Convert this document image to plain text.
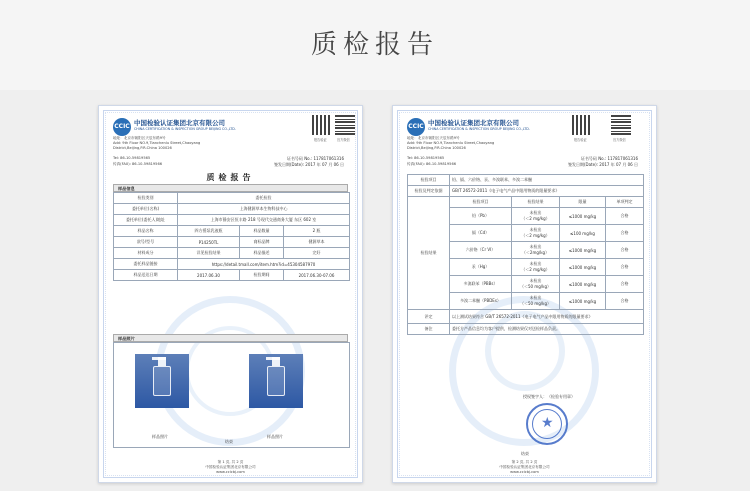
质检报告
CCIC 中国检验认证集团北京有限公司
CHINA CERTIFICATION & INSPECTION GROUP BEIJING CO.,LTD.
报告验证	官方微信
地址：北京市朝阳区天辰东路9号
Add: 9th Floor NO.9,Tianchenlu Street,Chaoyang
District,Beijing,P.R.China 100026
Tel: 86-10-59819565
传真(FAX): 86-10-59819566
证书号码 No.: 117817061316
签发日期(Date): 2017 年 07 月 06 日
质检报告
样品信息
检验类别	委托检验		
委托单位(名称)	上海健源草本生物科技中心		
委托单位(委托人)地址	上海市静安区恒丰路 218 号现代交通商务大厦 东区 602 室		
样品名称	四方摇泵乳液瓶	样品数量	2 瓶
款号/型号	P14250TL	商标品牌	健源草本
材料成分	详见检验结果	样品描述	完好
委托样品链接	https://detail.tmall.com/item.htm?id=45304587970		
样品送达日期	2017.06.30	检验期间	2017.06.30-07.06
样品照片
样品照片	样品照片
结束
第 1 页, 共 2 页
中国检验认证集团北京有限公司
www.ccicbj.com
CCIC 中国检验认证集团北京有限公司
CHINA CERTIFICATION & INSPECTION GROUP BEIJING CO.,LTD.
报告验证	官方微信
地址：北京市朝阳区天辰东路9号
Add: 9th Floor NO.9,Tianchenlu Street,Chaoyang
District,Beijing,P.R.China 100026
Tel: 86-10-59819565
传真(FAX): 86-10-59819566
证书号码 No.: 117817061316
签发日期(Date): 2017 年 07 月 06 日
检验项目	铅、镉、六价铬、汞、多溴联苯、多溴二苯醚			
检验及判定依据	GB/T 26572-2011《电子电气产品中限用物质的限量要求》			
检验结果	检验项目	检验结果	限量	单项判定
	铅（Pb）	未检出
（＜2 mg/kg）	≤1000 mg/kg	合格
	镉（Cd）	未检出
（＜2 mg/kg）	≤100 mg/kg	合格
	六价铬（Cr VI）	未检出
（＜2mg/kg）	≤1000 mg/kg	合格
	汞（Hg）	未检出
（＜2 mg/kg）	≤1000 mg/kg	合格
	多溴联苯（PBBs）	未检出
（＜50 mg/kg）	≤1000 mg/kg	合格
	多溴二苯醚（PBDEs）	未检出
（＜50 mg/kg）	≤1000 mg/kg	合格
评定	以上测试结果符合 GB/T 26572-2011《电子电气产品中限用物质的限量要求》			
备注	委托方产品信息均为客户提供，检测结果仅对送检样品负责。			
授权签字人：（检验专用章）
★
结束
第 2 页, 共 2 页
中国检验认证集团北京有限公司
www.ccicbj.com
